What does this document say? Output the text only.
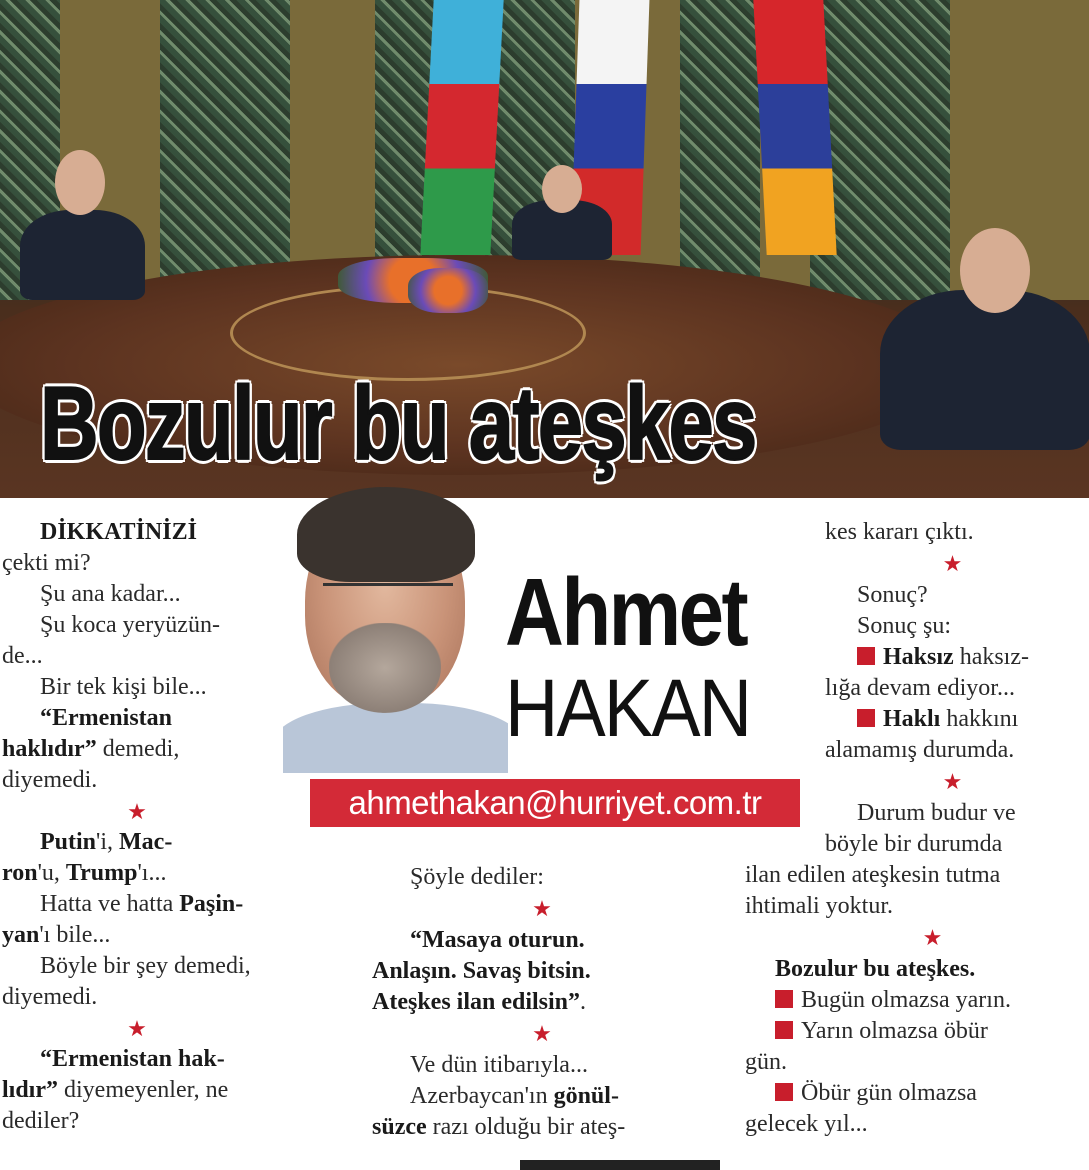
Bozulur bu ateşkes

DİKKATİNİZİ

çekti mi?

Şu ana kadar...

Şu koca yeryüzün-

de...

Bir tek kişi bile...

“Ermenistan

haklıdır” demedi,

diyemedi.

★

Putin'i, Mac-

ron'u, Trump'ı...

Hatta ve hatta Paşin-

yan'ı bile...

Böyle bir şey demedi,

diyemedi.

★

“Ermenistan hak-

lıdır” diyemeyenler, ne

dediler?

Ahmet

HAKAN

ahmethakan@hurriyet.com.tr

Şöyle dediler:

★

“Masaya oturun.

Anlaşın. Savaş bitsin.

Ateşkes ilan edilsin”.

★

Ve dün itibarıyla...

Azerbaycan'ın gönül-

süzce razı olduğu bir ateş-

kes kararı çıktı.

★

Sonuç?

Sonuç şu:

Haksız haksız-

lığa devam ediyor...

Haklı hakkını

alamamış durumda.

★

Durum budur ve

böyle bir durumda

ilan edilen ateşkesin tutma

ihtimali yoktur.

★

Bozulur bu ateşkes.

Bugün olmazsa yarın.

Yarın olmazsa öbür

gün.

Öbür gün olmazsa

gelecek yıl...
